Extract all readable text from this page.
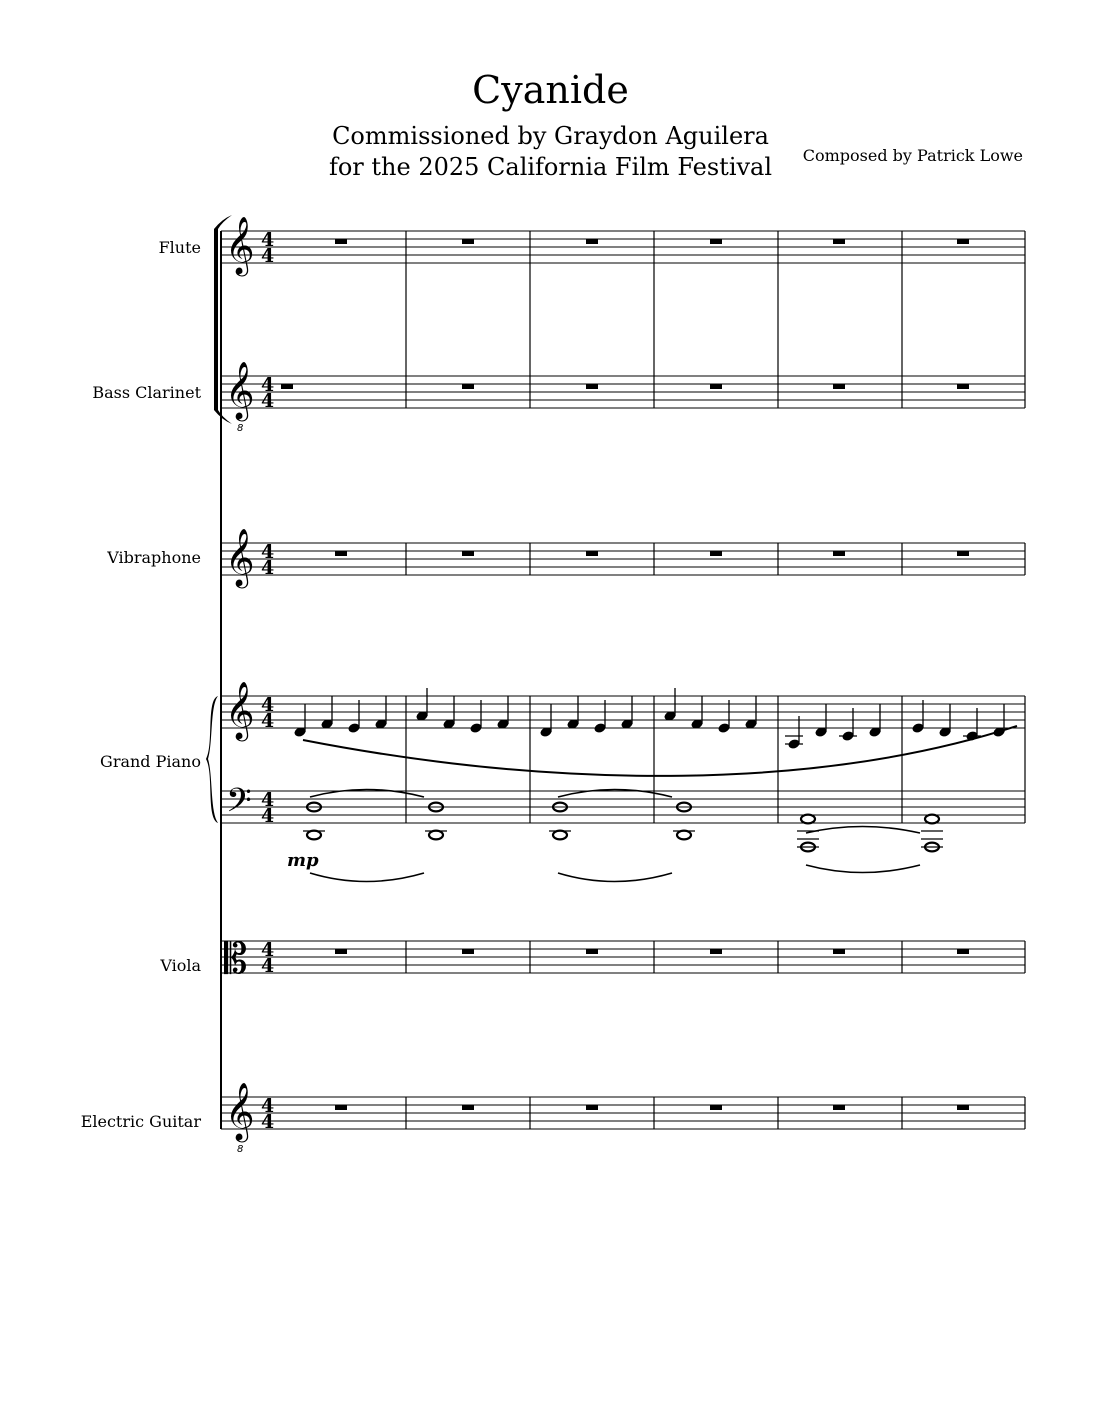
Cyanide
Commissioned by Graydon Aguilera
for the 2025 California Film Festival	Composed by Patrick Lowe
Flute
Bass Clarinet
Vibraphone
Grand Piano
Viola
Electric Guitar
𝄞
𝄞
8
𝄞
𝄞
𝄢
𝄡
𝄞
8
4
4
4
4
4
4
4
4
4
4
4
4
4
4
mp
